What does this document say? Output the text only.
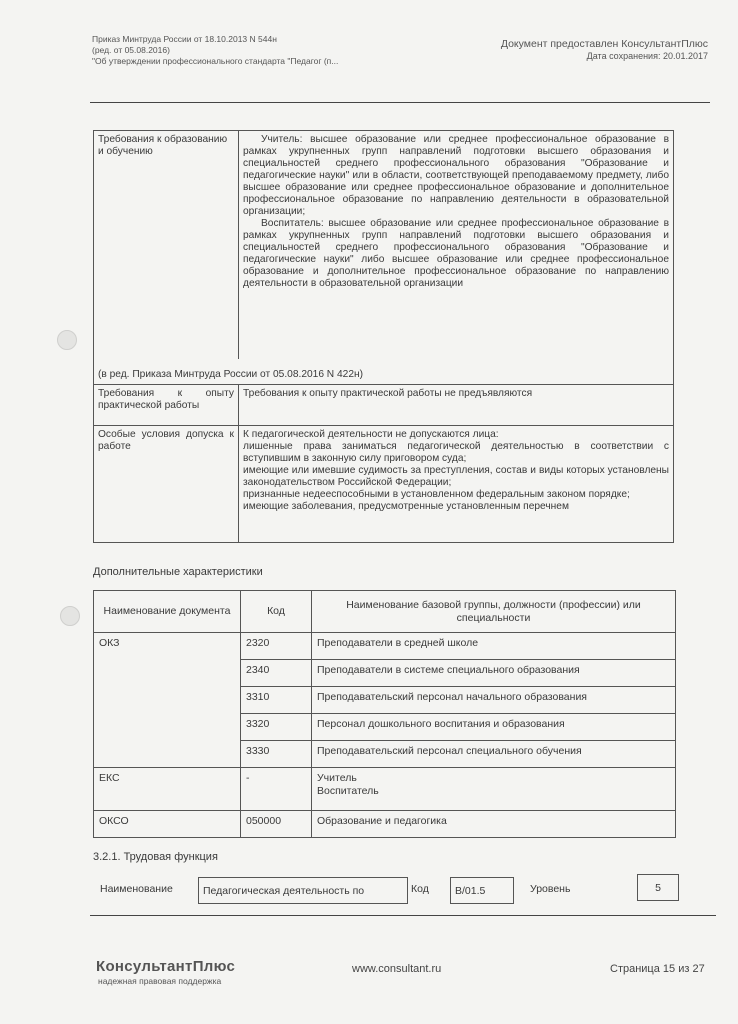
Приказ Минтруда России от 18.10.2013 N 544н
(ред. от 05.08.2016)
"Об утверждении профессионального стандарта "Педагог (п...
Документ предоставлен КонсультантПлюс
Дата сохранения: 20.01.2017
Требования к образованию и обучению	Учитель: высшее образование или среднее профессиональное образование в рамках укрупненных групп направлений подготовки высшего образования и специальностей среднего профессионального образования "Образование и педагогические науки" или в области, соответствующей преподаваемому предмету, либо высшее образование или среднее профессиональное образование и дополнительное профессиональное образование по направлению деятельности в образовательной организации;
Воспитатель: высшее образование или среднее профессиональное образование в рамках укрупненных групп направлений подготовки высшего образования и специальностей среднего профессионального образования "Образование и педагогические науки" либо высшее образование или среднее профессиональное образование и дополнительное профессиональное образование по направлению деятельности в образовательной организации

(в ред. Приказа Минтруда России от 05.08.2016 N 422н)	
Требования к опыту практической работы	Требования к опыту практической работы не предъявляются
Особые условия допуска к работе	К педагогической деятельности не допускаются лица:
лишенные права заниматься педагогической деятельностью в соответствии с вступившим в законную силу приговором суда;
имеющие или имевшие судимость за преступления, состав и виды которых установлены законодательством Российской Федерации;
признанные недееспособными в установленном федеральным законом порядке;
имеющие заболевания, предусмотренные установленным перечнем
Дополнительные характеристики
Наименование документа	Код	Наименование базовой группы, должности (профессии) или специальности
ОКЗ	2320	Преподаватели в средней школе
	2340	Преподаватели в системе специального образования
	3310	Преподавательский персонал начального образования
	3320	Персонал дошкольного воспитания и образования
	3330	Преподавательский персонал специального обучения
ЕКС	-	Учитель
Воспитатель

ОКСО	050000	Образование и педагогика
3.2.1. Трудовая функция
Наименование	Педагогическая деятельность по	Код	В/01.5	Уровень	5
КонсультантПлюс
надежная правовая поддержка
www.consultant.ru	Страница 15 из 27
